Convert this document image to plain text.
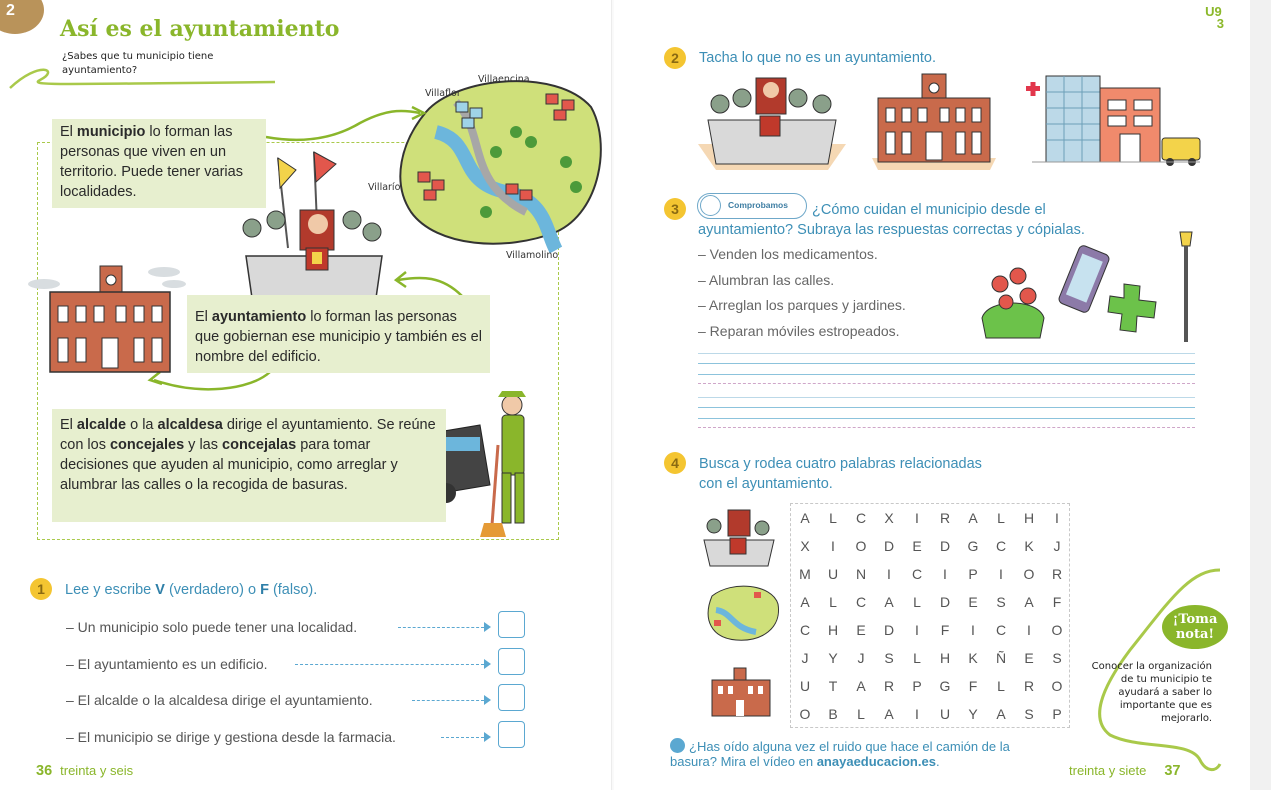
2
Así es el ayuntamiento
¿Sabes que tu municipio tiene ayuntamiento?
Villaencina
Villaflor
Villarío
Villamolino
El municipio lo forman las personas que viven en un territorio. Puede tener varias localidades.
El ayuntamiento lo forman las personas que gobiernan ese municipio y también es el nombre del edificio.
El alcalde o la alcaldesa dirige el ayuntamiento. Se reúne con los concejales y las concejalas para tomar decisiones que ayuden al municipio, como arreglar y alumbrar las calles o la recogida de basuras.
1	Lee y escribe V (verdadero) o F (falso).
– Un municipio solo puede tener una localidad.
– El ayuntamiento es un edificio.
– El alcalde o la alcaldesa dirige el ayuntamiento.
– El municipio se dirige y gestiona desde la farmacia.
36 treinta y seis
U9
3
2	Tacha lo que no es un ayuntamiento.
3	Comprobamos ¿Cómo cuidan el municipio desde el
ayuntamiento? Subraya las respuestas correctas y cópialas.
– Venden los medicamentos.
– Alumbran las calles.
– Arreglan los parques y jardines.
– Reparan móviles estropeados.
4	Busca y rodea cuatro palabras relacionadas
con el ayuntamiento.
A	L	C	X	I	R	A	L	H	I
X	I	O	D	E	D	G	C	K	J
M	U	N	I	C	I	P	I	O	R
A	L	C	A	L	D	E	S	A	F
C	H	E	D	I	F	I	C	I	O
J	Y	J	S	L	H	K	Ñ	E	S
U	T	A	R	P	G	F	L	R	O
O	B	L	A	I	U	Y	A	S	P
¡Toma
nota!
Conocer la organización de tu municipio te ayudará a saber lo importante que es mejorarlo.
¿Has oído alguna vez el ruido que hace el camión de la basura? Mira el vídeo en anayaeducacion.es.
treinta y siete 37
